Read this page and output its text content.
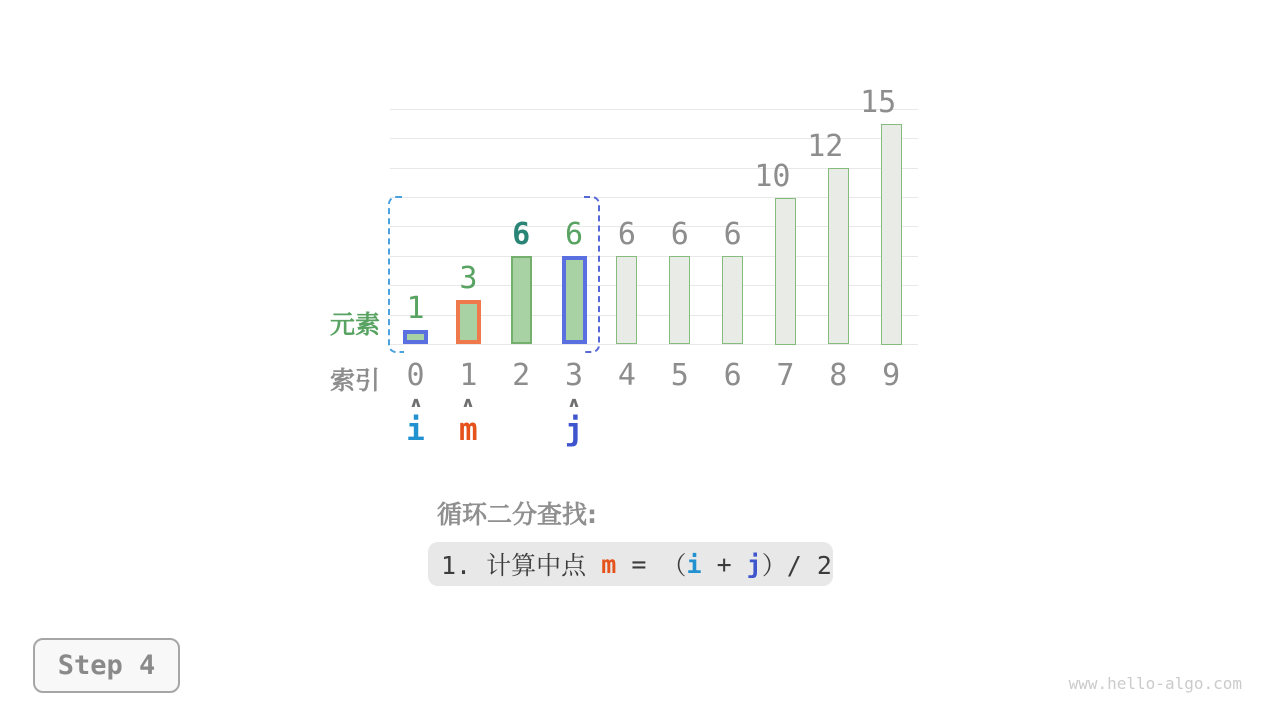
1
3
6	6	6	6	6
10
12
15
0	1	2	3	4	5	6	7	8	9
∧
i
∧
m
∧
j
元素
索引
循环二分查找:
1. 计算中点 m = （ i + j ）/ 2
Step 4
www.hello-algo.com
